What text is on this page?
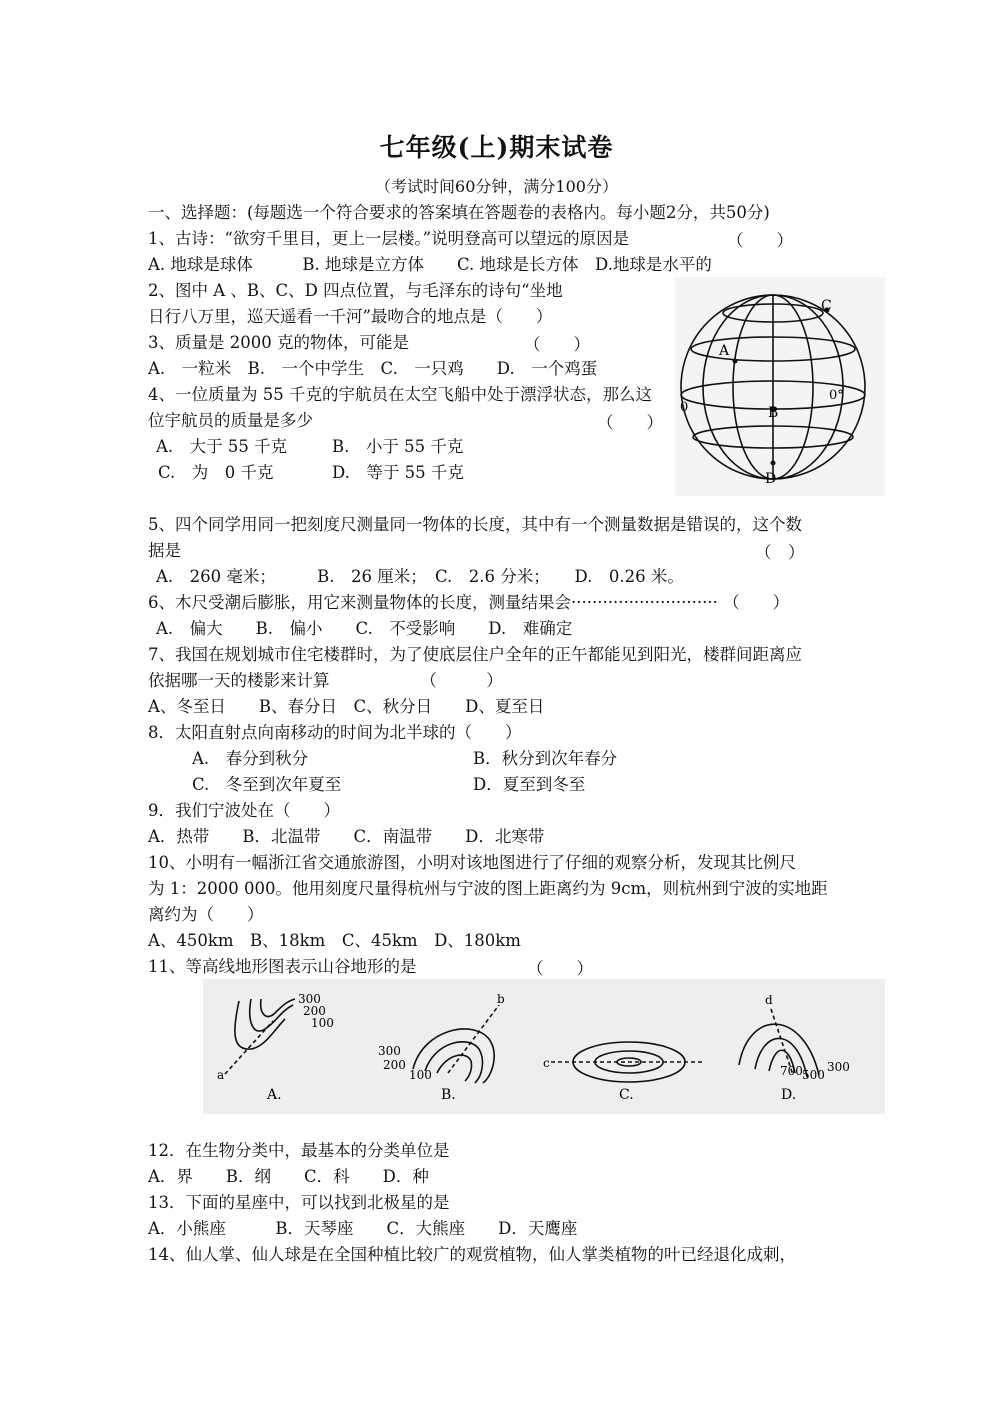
七年级(上)期末试卷
（考试时间60分钟，满分100分）
一、选择题：(每题选一个符合要求的答案填在答题卷的表格内。每小题2分，共50分)
1、古诗：“欲穷千里目，更上一层楼。”说明登高可以望远的原因是	（　　）
A. 地球是球体　　　B. 地球是立方体　　C. 地球是长方体　D.地球是水平的
2、图中 A 、B、C、D 四点位置，与毛泽东的诗句“坐地
日行八万里，巡天遥看一千河”最吻合的地点是（　　）
3、质量是 2000 克的物体，可能是	（　　）
A.　一粒米　B.　一个中学生　C.　一只鸡　　D.　一个鸡蛋
4、一位质量为 55 千克的宇航员在太空飞船中处于漂浮状态，那么这
位宇航员的质量是多少	（　　）
A.　大于 55 千克	B.　小于 55 千克
C.　为　0 千克	D.　等于 55 千克
A
C
B
D
0
0°
5、四个同学用同一把刻度尺测量同一物体的长度，其中有一个测量数据是错误的，这个数
据是	（　）
A.　260 毫米；　　　B.　26 厘米；　C.　2.6 分米；　　D.　0.26 米。
6、木尺受潮后膨胀，用它来测量物体的长度，测量结果会···························· （　　）
A.　偏大　　B.　偏小　　C.　不受影响　　D.　难确定
7、我国在规划城市住宅楼群时，为了使底层住户全年的正午都能见到阳光，楼群间距离应
依据哪一天的楼影来计算　　　　　　（　　　）
A、冬至日　　B、春分日　C、秋分日　　D、夏至日
8．太阳直射点向南移动的时间为北半球的（　　）
A.　春分到秋分	B．秋分到次年春分
C.　冬至到次年夏至	D．夏至到冬至
9．我们宁波处在（　　）
A．热带　　B．北温带　　C．南温带　　D．北寒带
10、小明有一幅浙江省交通旅游图，小明对该地图进行了仔细的观察分析，发现其比例尺
为 1：2000 000。他用刻度尺量得杭州与宁波的图上距离约为 9cm，则杭州到宁波的实地距
离约为（　　）
A、450km　B、18km　C、45km　D、180km
11、等高线地形图表示山谷地形的是	（　　）
300
200
100
a
A.
300
200
100
b
B.
c
C.
d
700 500
300
D.
12．在生物分类中，最基本的分类单位是
A．界　　B．纲　　C．科　　D．种
13．下面的星座中，可以找到北极星的是
A．小熊座　　　B．天琴座　　C．大熊座　　D．天鹰座
14、仙人掌、仙人球是在全国种植比较广的观赏植物，仙人掌类植物的叶已经退化成刺，
